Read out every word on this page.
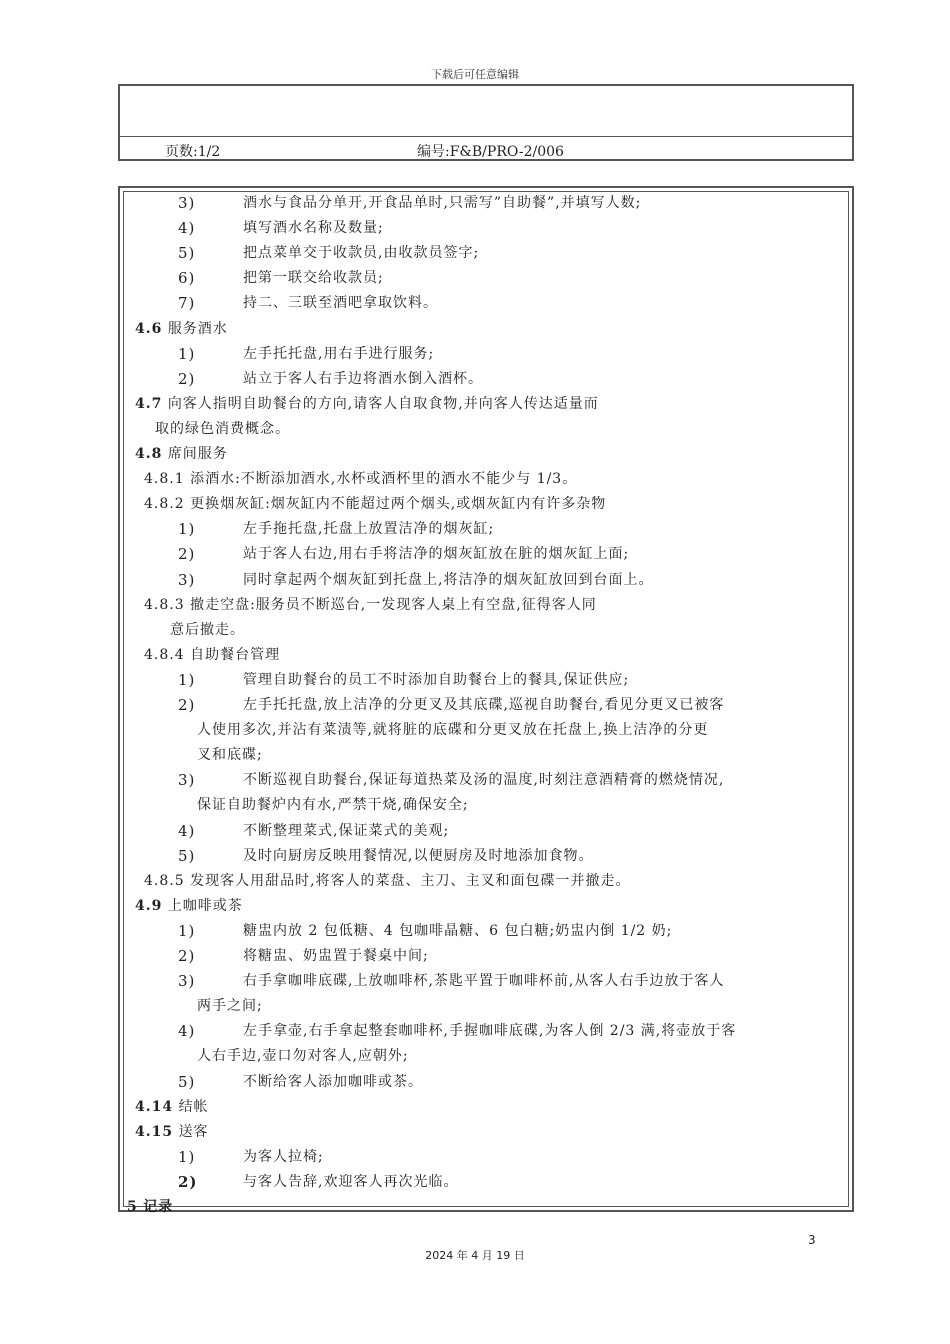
下载后可任意编辑
页数:1/2	编号:F&B/PRO-2/006
3)	酒水与食品分单开,开食品单时,只需写”自助餐”,并填写人数;
4)	填写酒水名称及数量;
5)	把点菜单交于收款员,由收款员签字;
6)	把第一联交给收款员;
7)	持二、三联至酒吧拿取饮料。
4.6 服务酒水
1)	左手托托盘,用右手进行服务;
2)	站立于客人右手边将酒水倒入酒杯。
4.7 向客人指明自助餐台的方向,请客人自取食物,并向客人传达适量而
取的绿色消费概念。
4.8 席间服务
4.8.1 添酒水:不断添加酒水,水杯或酒杯里的酒水不能少与 1/3。
4.8.2 更换烟灰缸:烟灰缸内不能超过两个烟头,或烟灰缸内有许多杂物
1)	左手拖托盘,托盘上放置洁净的烟灰缸;
2)	站于客人右边,用右手将洁净的烟灰缸放在脏的烟灰缸上面;
3)	同时拿起两个烟灰缸到托盘上,将洁净的烟灰缸放回到台面上。
4.8.3 撤走空盘:服务员不断巡台,一发现客人桌上有空盘,征得客人同
意后撤走。
4.8.4 自助餐台管理
1)	管理自助餐台的员工不时添加自助餐台上的餐具,保证供应;
2)	左手托托盘,放上洁净的分更叉及其底碟,巡视自助餐台,看见分更叉已被客
人使用多次,并沾有菜渍等,就将脏的底碟和分更叉放在托盘上,换上洁净的分更
叉和底碟;
3)	不断巡视自助餐台,保证每道热菜及汤的温度,时刻注意酒精膏的燃烧情况,
保证自助餐炉内有水,严禁干烧,确保安全;
4)	不断整理菜式,保证菜式的美观;
5)	及时向厨房反映用餐情况,以便厨房及时地添加食物。
4.8.5 发现客人用甜品时,将客人的菜盘、主刀、主叉和面包碟一并撤走。
4.9 上咖啡或茶
1)	糖盅内放 2 包低糖、4 包咖啡晶糖、6 包白糖;奶盅内倒 1/2 奶;
2)	将糖盅、奶盅置于餐桌中间;
3)	右手拿咖啡底碟,上放咖啡杯,茶匙平置于咖啡杯前,从客人右手边放于客人
两手之间;
4)	左手拿壶,右手拿起整套咖啡杯,手握咖啡底碟,为客人倒 2/3 满,将壶放于客
人右手边,壶口勿对客人,应朝外;
5)	不断给客人添加咖啡或茶。
4.14 结帐
4.15 送客
1)	为客人拉椅;
2)	与客人告辞,欢迎客人再次光临。
5 记录
3
2024 年 4 月 19 日
